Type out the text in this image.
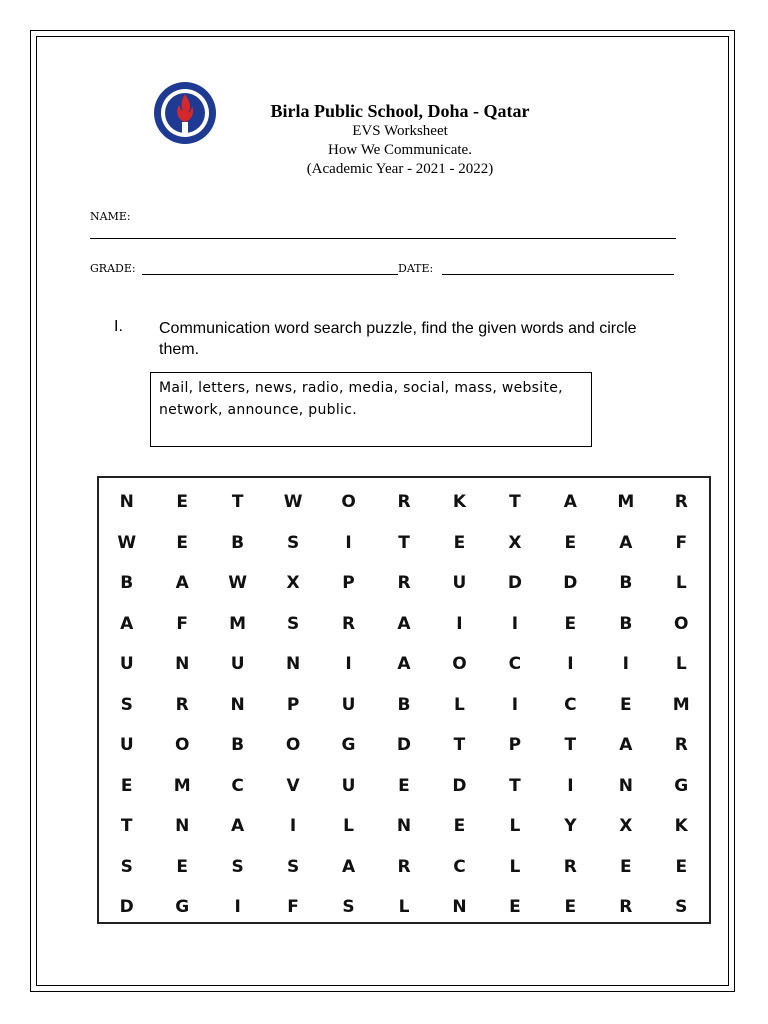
Birla Public School, Doha - Qatar
EVS Worksheet
How We Communicate.
(Academic Year - 2021 - 2022)
NAME:
GRADE:	DATE:
I. Communication word search puzzle, find the given words and circle them.
Mail, letters, news, radio, media, social, mass, website, network, announce, public.
N	E	T	W	O	R	K	T	A	M	R
W	E	B	S	I	T	E	X	E	A	F
B	A	W	X	P	R	U	D	D	B	L
A	F	M	S	R	A	I	I	E	B	O
U	N	U	N	I	A	O	C	I	I	L
S	R	N	P	U	B	L	I	C	E	M
U	O	B	O	G	D	T	P	T	A	R
E	M	C	V	U	E	D	T	I	N	G
T	N	A	I	L	N	E	L	Y	X	K
S	E	S	S	A	R	C	L	R	E	E
D	G	I	F	S	L	N	E	E	R	S
